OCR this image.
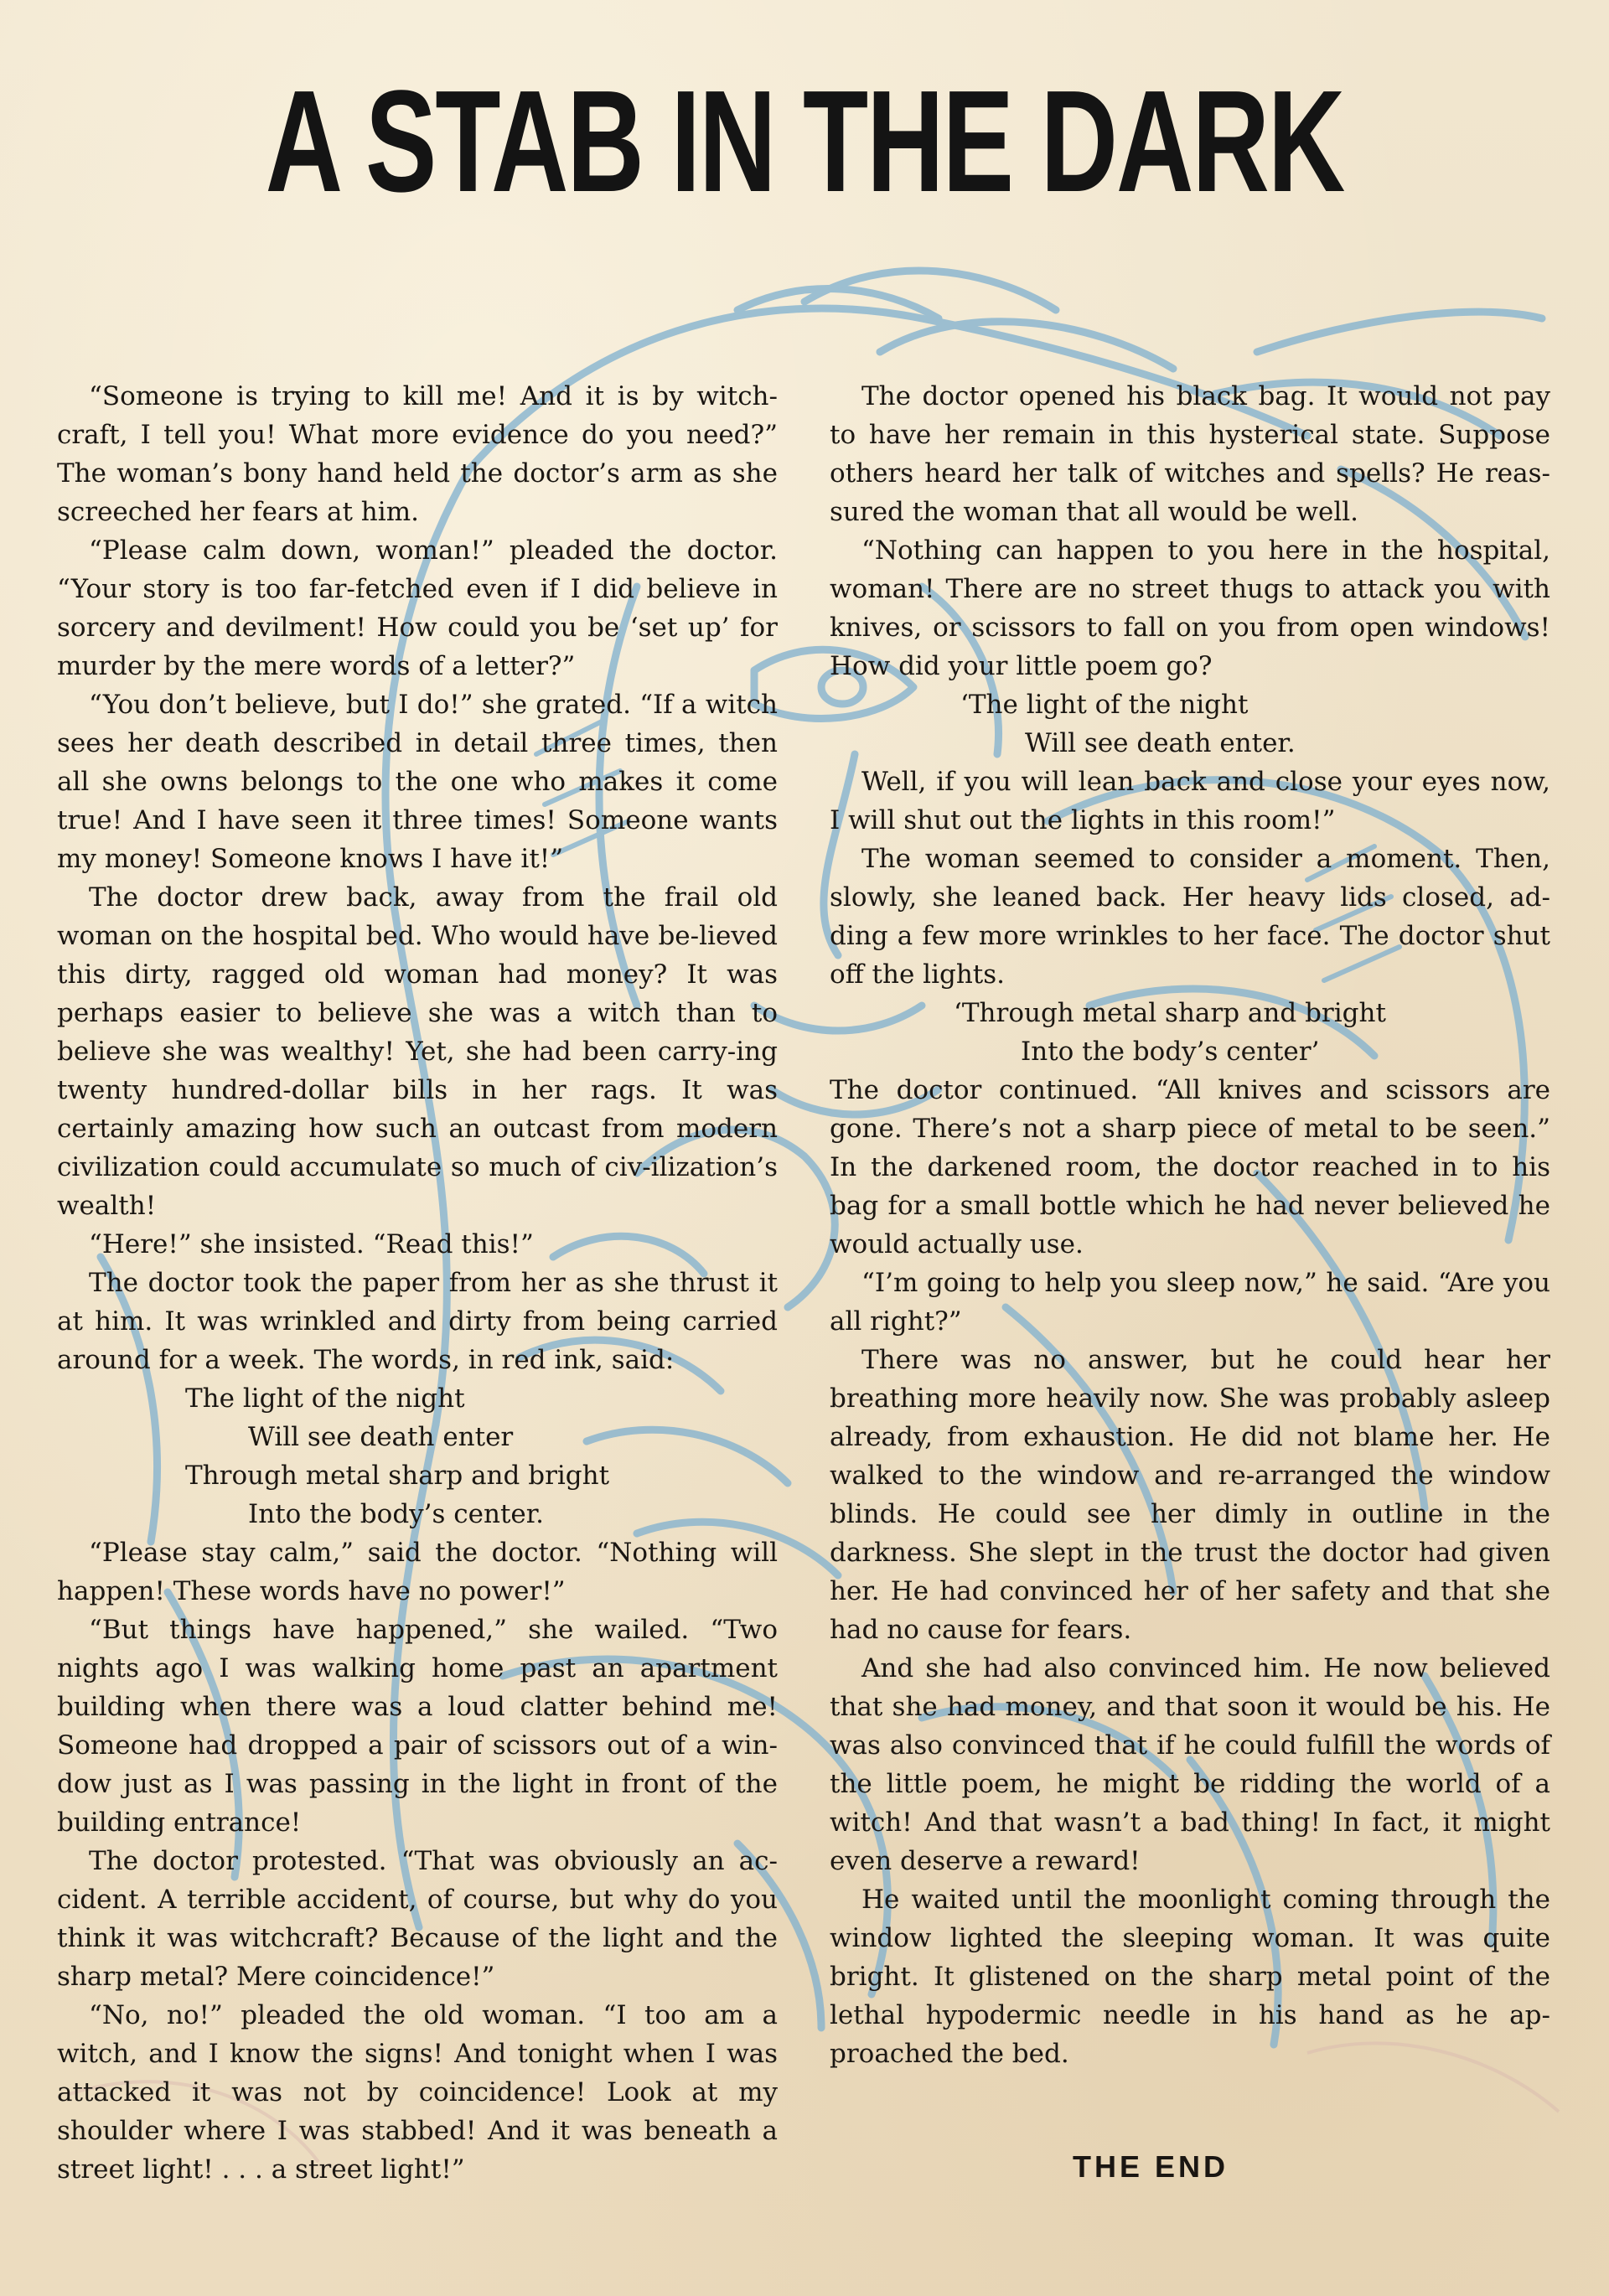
A STAB IN THE DARK

“Someone is trying to kill me! And it is by witch-craft, I tell you! What more evidence do you need?” The woman’s bony hand held the doctor’s arm as she screeched her fears at him.

“Please calm down, woman!” pleaded the doctor. “Your story is too far-fetched even if I did believe in sorcery and devilment! How could you be ‘set up’ for murder by the mere words of a letter?”

“You don’t believe, but I do!” she grated. “If a witch sees her death described in detail three times, then all she owns belongs to the one who makes it come true! And I have seen it three times! Someone wants my money! Someone knows I have it!”

The doctor drew back, away from the frail old woman on the hospital bed. Who would have be-lieved this dirty, ragged old woman had money? It was perhaps easier to believe she was a witch than to believe she was wealthy! Yet, she had been carry-ing twenty hundred-dollar bills in her rags. It was certainly amazing how such an outcast from modern civilization could accumulate so much of civ-ilization’s wealth!

“Here!” she insisted. “Read this!”

The doctor took the paper from her as she thrust it at him. It was wrinkled and dirty from being carried around for a week. The words, in red ink, said:

The light of the night

Will see death enter

Through metal sharp and bright

Into the body’s center.

“Please stay calm,” said the doctor. “Nothing will happen! These words have no power!”

“But things have happened,” she wailed. “Two nights ago I was walking home past an apartment building when there was a loud clatter behind me! Someone had dropped a pair of scissors out of a win-dow just as I was passing in the light in front of the building entrance!

The doctor protested. “That was obviously an ac-cident. A terrible accident, of course, but why do you think it was witchcraft? Because of the light and the sharp metal? Mere coincidence!”

“No, no!” pleaded the old woman. “I too am a witch, and I know the signs! And tonight when I was attacked it was not by coincidence! Look at my shoulder where I was stabbed! And it was beneath a street light! . . . a street light!”

The doctor opened his black bag. It would not pay to have her remain in this hysterical state. Suppose others heard her talk of witches and spells? He reas-sured the woman that all would be well.

“Nothing can happen to you here in the hospital, woman! There are no street thugs to attack you with knives, or scissors to fall on you from open windows! How did your little poem go?

‘The light of the night

Will see death enter.

Well, if you will lean back and close your eyes now, I will shut out the lights in this room!”

The woman seemed to consider a moment. Then, slowly, she leaned back. Her heavy lids closed, ad-ding a few more wrinkles to her face. The doctor shut off the lights.

‘Through metal sharp and bright

Into the body’s center’

The doctor continued. “All knives and scissors are gone. There’s not a sharp piece of metal to be seen.” In the darkened room, the doctor reached in to his bag for a small bottle which he had never believed he would actually use.

“I’m going to help you sleep now,” he said. “Are you all right?”

There was no answer, but he could hear her breathing more heavily now. She was probably asleep already, from exhaustion. He did not blame her. He walked to the window and re-arranged the window blinds. He could see her dimly in outline in the darkness. She slept in the trust the doctor had given her. He had convinced her of her safety and that she had no cause for fears.

And she had also convinced him. He now believed that she had money, and that soon it would be his. He was also convinced that if he could fulfill the words of the little poem, he might be ridding the world of a witch! And that wasn’t a bad thing! In fact, it might even deserve a reward!

He waited until the moonlight coming through the window lighted the sleeping woman. It was quite bright. It glistened on the sharp metal point of the lethal hypodermic needle in his hand as he ap-proached the bed.

THE END
